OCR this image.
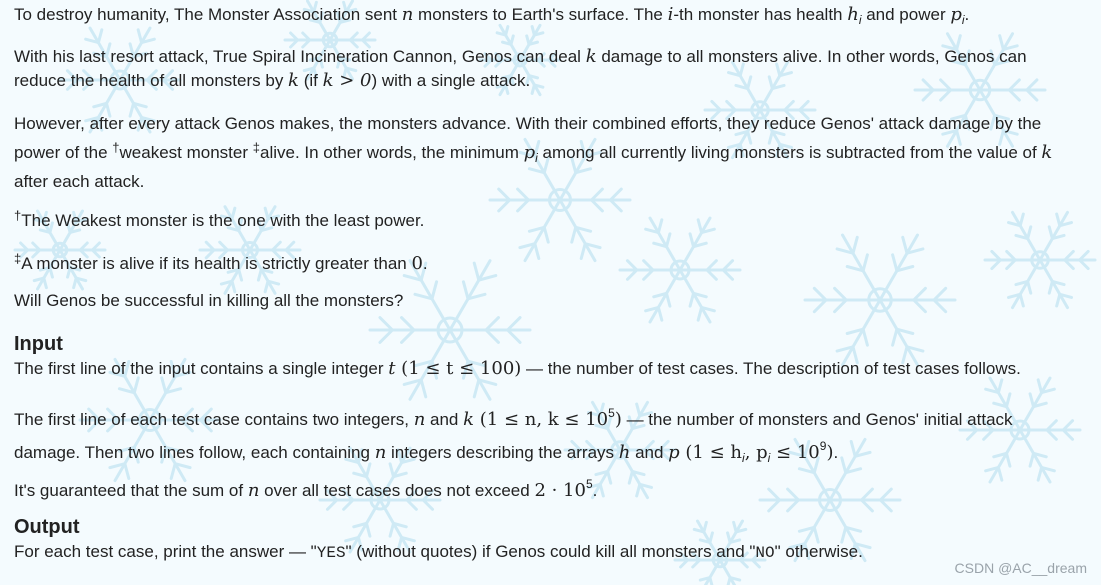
To destroy humanity, The Monster Association sent n monsters to Earth's surface. The i-th monster has health $h_i$ and power $p_i$.
With his last resort attack, True Spiral Incineration Cannon, Genos can deal k damage to all monsters alive. In other words, Genos can
reduce the health of all monsters by k (if k > 0) with a single attack.
However, after every attack Genos makes, the monsters advance. With their combined efforts, they reduce Genos' attack damage by the
power of the †weakest monster ‡alive. In other words, the minimum $p_i$ among all currently living monsters is subtracted from the value of k
after each attack.
†The Weakest monster is the one with the least power.
‡A monster is alive if its health is strictly greater than 0.
Will Genos be successful in killing all the monsters?
Input
The first line of the input contains a single integer t (1 ≤ t ≤ 100) — the number of test cases. The description of test cases follows.
The first line of each test case contains two integers, n and k (1 ≤ n, $k \le 10^5$) — the number of monsters and Genos' initial attack
damage. Then two lines follow, each containing n integers describing the arrays h and p ($1 \le h_i$, $p_i \le 10^9$).
It's guaranteed that the sum of n over all test cases does not exceed $2 \cdot 10^5$.
Output
For each test case, print the answer — "YES" (without quotes) if Genos could kill all monsters and "NO" otherwise.
CSDN @AC__dream
